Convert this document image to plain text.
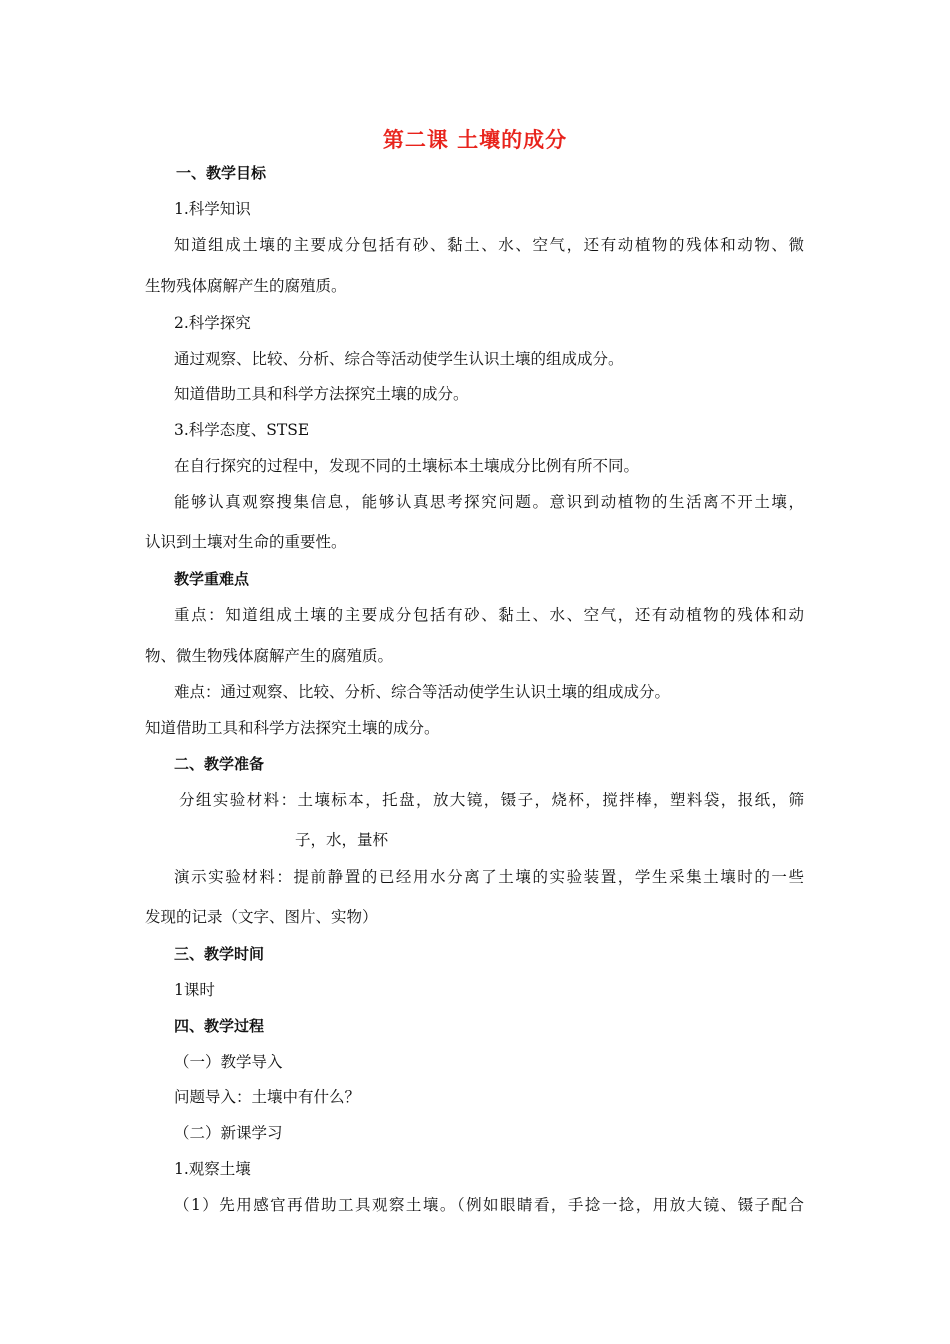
第二课 土壤的成分
一、教学目标
1.科学知识
知道组成土壤的主要成分包括有砂、黏土、水、空气，还有动植物的残体和动物、微
生物残体腐解产生的腐殖质。
2.科学探究
通过观察、比较、分析、综合等活动使学生认识土壤的组成成分。
知道借助工具和科学方法探究土壤的成分。
3.科学态度、STSE
在自行探究的过程中，发现不同的土壤标本土壤成分比例有所不同。
能够认真观察搜集信息，能够认真思考探究问题。意识到动植物的生活离不开土壤，
认识到土壤对生命的重要性。
教学重难点
重点：知道组成土壤的主要成分包括有砂、黏土、水、空气，还有动植物的残体和动
物、微生物残体腐解产生的腐殖质。
难点：通过观察、比较、分析、综合等活动使学生认识土壤的组成成分。
知道借助工具和科学方法探究土壤的成分。
二、教学准备
分组实验材料：土壤标本，托盘，放大镜，镊子，烧杯，搅拌棒，塑料袋，报纸，筛
子，水，量杯
演示实验材料：提前静置的已经用水分离了土壤的实验装置，学生采集土壤时的一些
发现的记录（文字、图片、实物）
三、教学时间
1课时
四、教学过程
（一）教学导入
问题导入：土壤中有什么？
（二）新课学习
1.观察土壤
（1）先用感官再借助工具观察土壤。（例如眼睛看，手捻一捻，用放大镜、镊子配合
